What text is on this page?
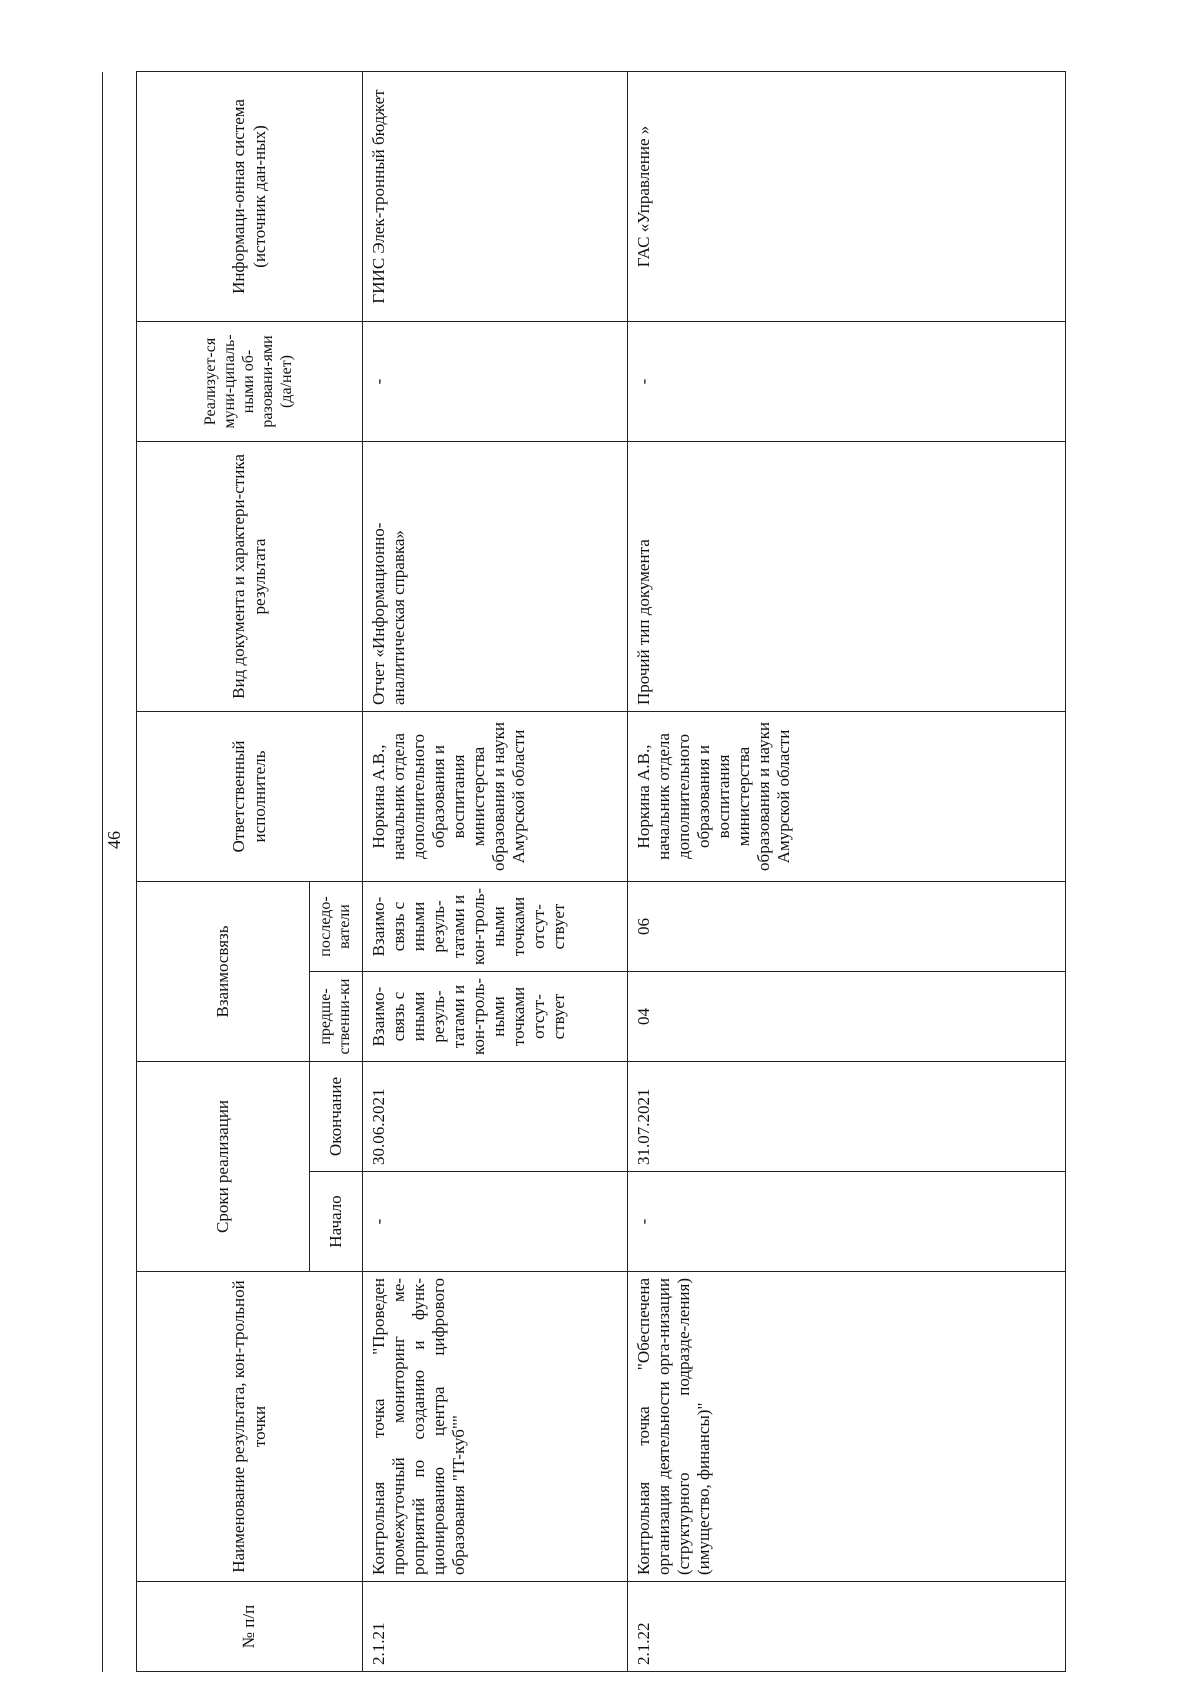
46
№ п/п	Наименование результата, кон-трольной точки	Сроки реализации		Взаимосвязь		Ответственный исполнитель	Вид документа и характери-стика результата	Реализует-ся муни-ципаль-ными об-разовани-ями (да/нет)	Информаци-онная система (источник дан-ных)
		Начало	Окончание	предше-ственни-ки	последо-ватели				
2.1.21	Контрольная точка "Проведен промежуточный мониторинг ме-роприятий по созданию и функ-ционированию центра цифрового образования "IT-куб""	-	30.06.2021	Взаимо-связь с иными резуль-татами и кон-троль-ными точками отсут-ствует	Взаимо-связь с иными резуль-татами и кон-троль-ными точками отсут-ствует	Норкина А.В., начальник отдела дополнительного образования и воспитания министерства образования и науки Амурской области	Отчет «Информационно-аналитическая справка»	-	ГИИС Элек-тронный бюджет
2.1.22	Контрольная точка "Обеспечена организация деятельности орга-низации (структурного подразде-ления) (имущество, финансы)"	-	31.07.2021	04	06	Норкина А.В., начальник отдела дополнительного образования и воспитания министерства образования и науки Амурской области	Прочий тип документа	-	ГАС «Управление »
